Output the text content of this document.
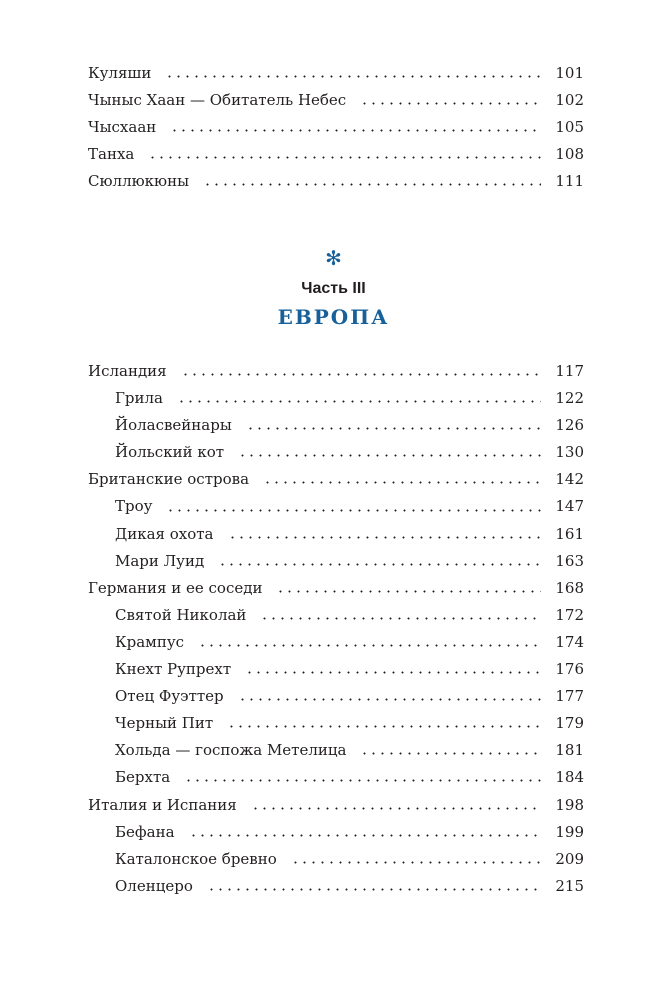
Куляши	101
Чыныс Хаан — Обитатель Небес	102
Чысхаан	105
Танха	108
Сюллюкюны	111
✻
Часть III
ЕВРОПА
Исландия	117
Грила	122
Йоласвейнары	126
Йольский кот	130
Британские острова	142
Троу	147
Дикая охота	161
Мари Луид	163
Германия и ее соседи	168
Святой Николай	172
Крампус	174
Кнехт Рупрехт	176
Отец Фуэттер	177
Черный Пит	179
Хольда — госпожа Метелица	181
Берхта	184
Италия и Испания	198
Бефана	199
Каталонское бревно	209
Оленцеро	215
